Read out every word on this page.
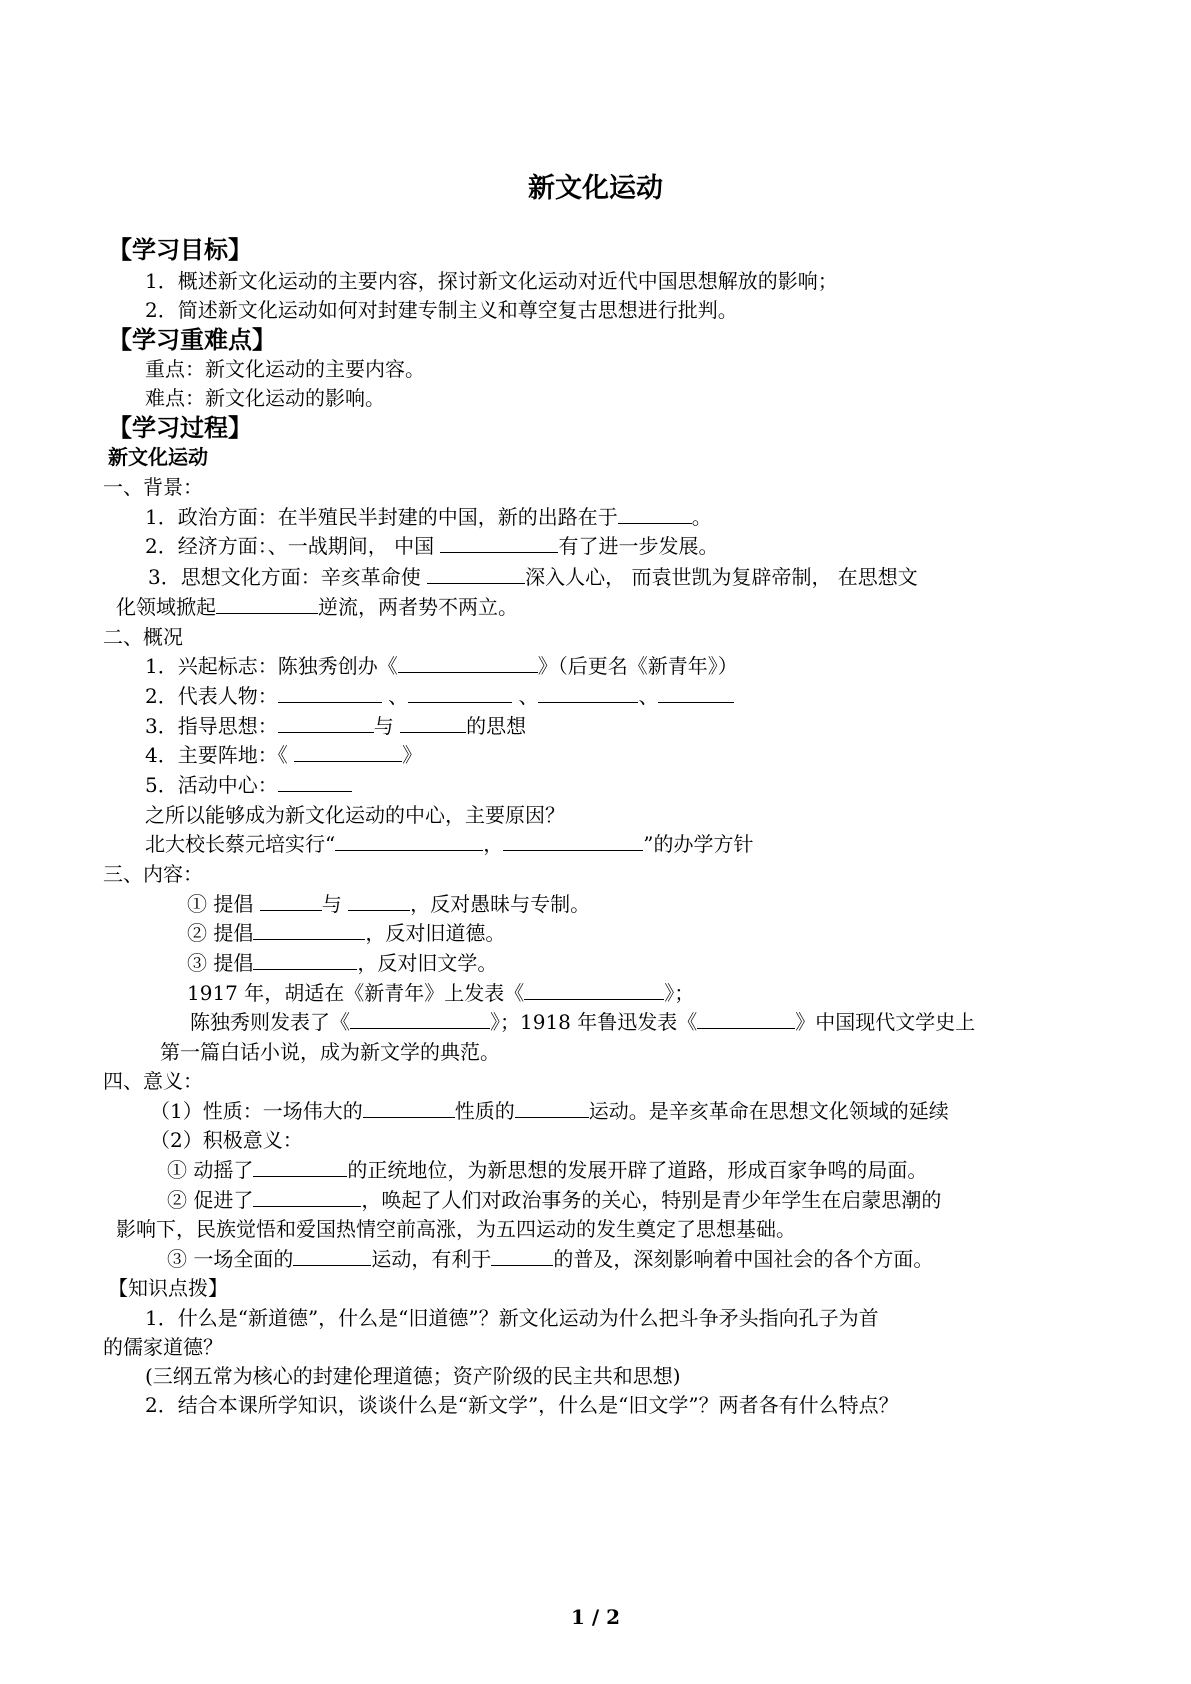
新文化运动
【学习目标】
1．概述新文化运动的主要内容，探讨新文化运动对近代中国思想解放的影响；
2．简述新文化运动如何对封建专制主义和尊空复古思想进行批判。
【学习重难点】
重点：新文化运动的主要内容。
难点：新文化运动的影响。
【学习过程】
新文化运动
一、背景：
1．政治方面：在半殖民半封建的中国，新的出路在于	。
2．经济方面：、一战期间， 中国	有了进一步发展。
3．思想文化方面：辛亥革命使	深入人心， 而袁世凯为复辟帝制， 在思想文
化领域掀起	逆流，两者势不两立。
二、概况
1．兴起标志：陈独秀创办《	》（后更名《新青年》）
2．代表人物：	、	、	、
3．指导思想：	与	的思想
4．主要阵地：《	》
5．活动中心：
之所以能够成为新文化运动的中心，主要原因？
北大校长蔡元培实行“	，	”的办学方针
三、内容：
① 提倡	与	，反对愚昧与专制。
② 提倡	，反对旧道德。
③ 提倡	，反对旧文学。
1917 年，胡适在《新青年》上发表《	》；
陈独秀则发表了《	》；1918 年鲁迅发表《	》中国现代文学史上
第一篇白话小说，成为新文学的典范。
四、意义：
（1）性质：一场伟大的	性质的	运动。是辛亥革命在思想文化领域的延续
（2）积极意义：
① 动摇了	的正统地位，为新思想的发展开辟了道路，形成百家争鸣的局面。
② 促进了	，唤起了人们对政治事务的关心，特别是青少年学生在启蒙思潮的
影响下，民族觉悟和爱国热情空前高涨，为五四运动的发生奠定了思想基础。
③ 一场全面的	运动，有利于	的普及，深刻影响着中国社会的各个方面。
【知识点拨】
1．什么是“新道德”，什么是“旧道德”？新文化运动为什么把斗争矛头指向孔子为首
的儒家道德？
(三纲五常为核心的封建伦理道德；资产阶级的民主共和思想)
2．结合本课所学知识，谈谈什么是“新文学”，什么是“旧文学”？两者各有什么特点？
1 / 2
